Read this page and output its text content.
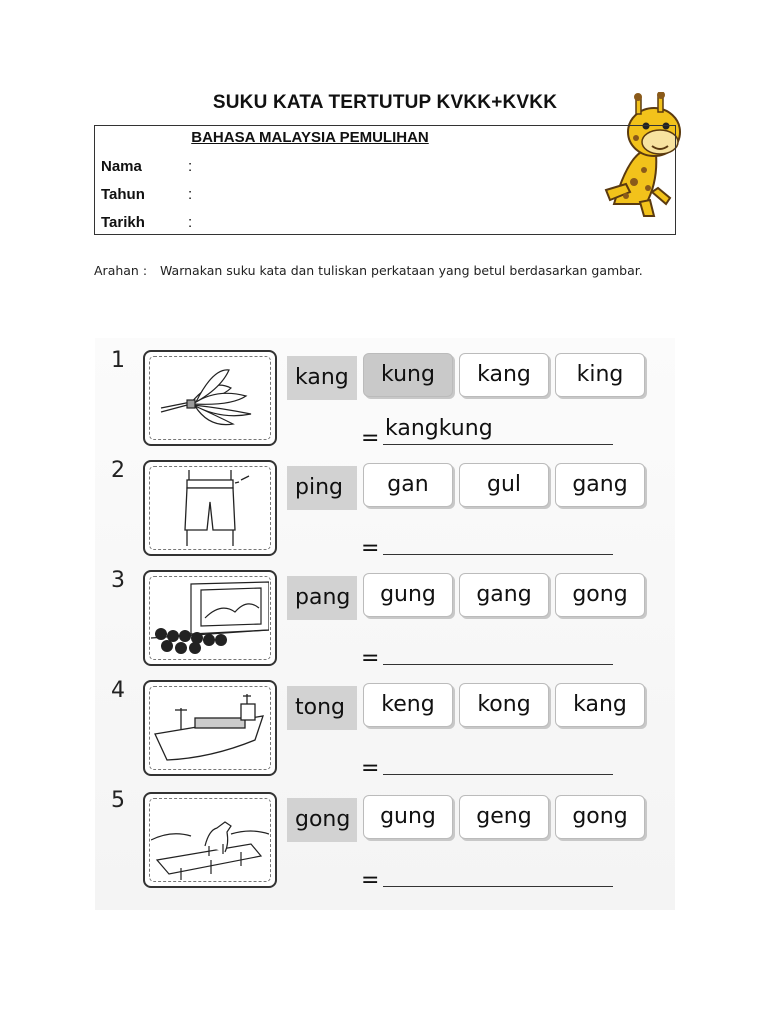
SUKU KATA TERTUTUP KVKK+KVKK
BAHASA MALAYSIA PEMULIHAN
Nama	:
Tahun	:
Tarikh	:
Arahan : Warnakan suku kata dan tuliskan perkataan yang betul berdasarkan gambar.
1
kang	kung	kang	king
= kangkung
2
ping	gan	gul	gang
=
3
pang	gung	gang	gong
=
4
tong	keng	kong	kang
=
5
gong	gung	geng	gong
=
